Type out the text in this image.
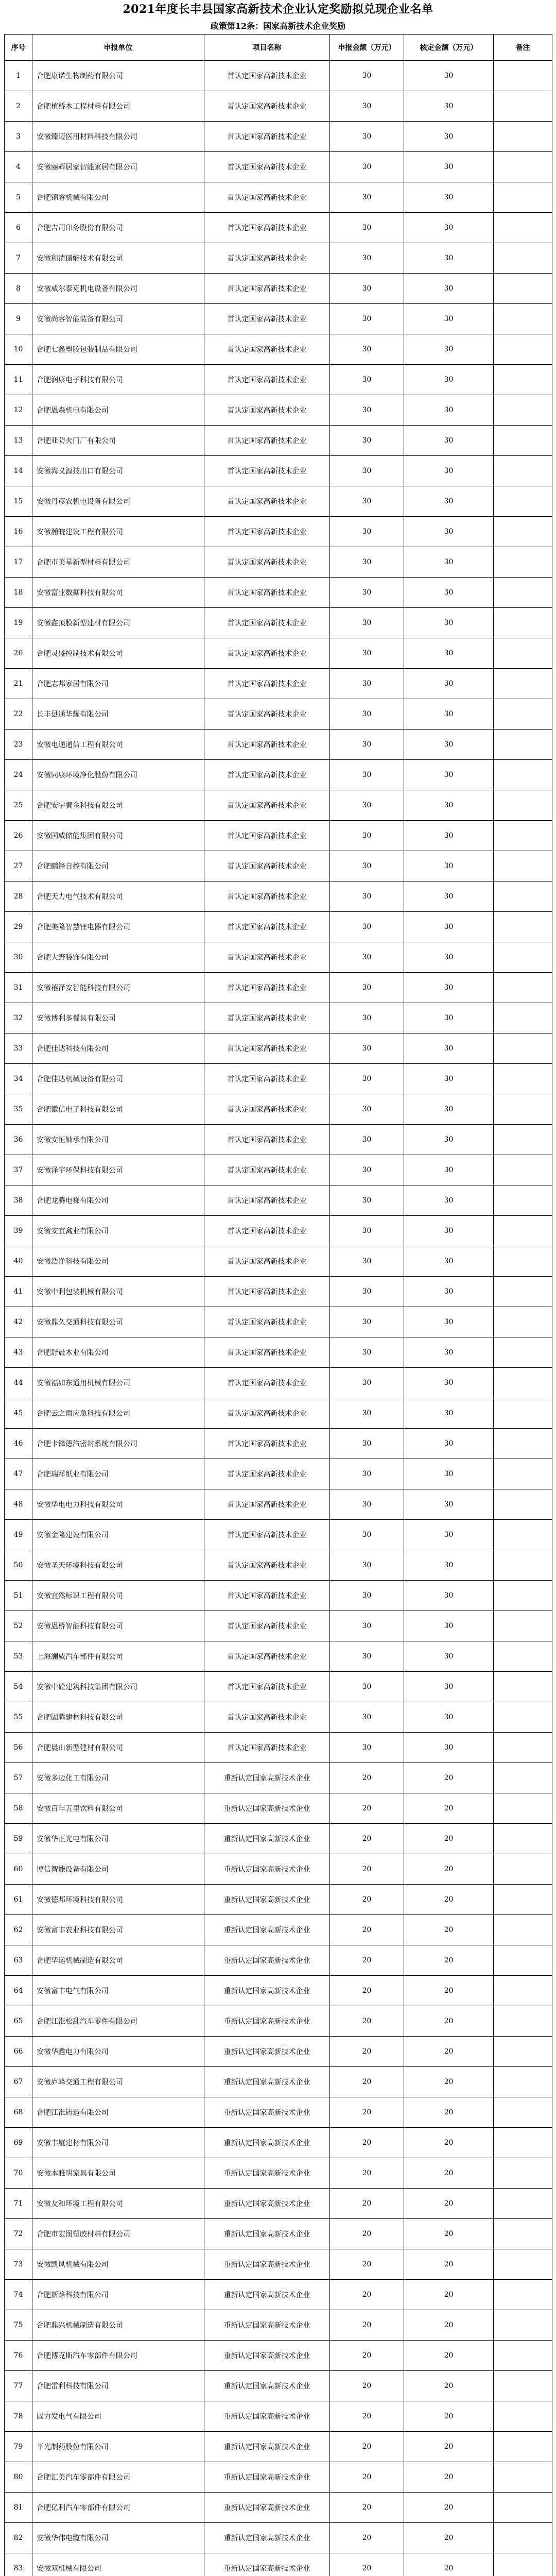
2021年度长丰县国家高新技术企业认定奖励拟兑现企业名单
政策第12条：国家高新技术企业奖励
序号	申报单位	项目名称	申报金额（万元）	核定金额（万元）	备注
1	合肥康诺生物制药有限公司	首认定国家高新技术企业	30	30	
2	合肥植桥木工程材料有限公司	首认定国家高新技术企业	30	30	
3	安徽臻迈医用材料科技有限公司	首认定国家高新技术企业	30	30	
4	安徽丽辉居家智能家居有限公司	首认定国家高新技术企业	30	30	
5	合肥锦睿机械有限公司	首认定国家高新技术企业	30	30	
6	合肥吉司印务股份有限公司	首认定国家高新技术企业	30	30	
7	安徽和清储能技术有限公司	首认定国家高新技术企业	30	30	
8	安徽威尔泰克机电设备有限公司	首认定国家高新技术企业	30	30	
9	安徽尚容智能装备有限公司	首认定国家高新技术企业	30	30	
10	合肥七鑫塑胶包装制品有限公司	首认定国家高新技术企业	30	30	
11	合肥润康电子科技有限公司	首认定国家高新技术企业	30	30	
12	合肥恩森机电有限公司	首认定国家高新技术企业	30	30	
13	合肥亚防火门厂有限公司	首认定国家高新技术企业	30	30	
14	安徽海义源技出口有限公司	首认定国家高新技术企业	30	30	
15	安徽丹彦农机电设备有限公司	首认定国家高新技术企业	30	30	
16	安徽瀚皖建设工程有限公司	首认定国家高新技术企业	30	30	
17	合肥市美星新型材料有限公司	首认定国家高新技术企业	30	30	
18	安徽富业数据科技有限公司	首认定国家高新技术企业	30	30	
19	安徽鑫顶膜新型建材有限公司	首认定国家高新技术企业	30	30	
20	合肥灵盛控制技术有限公司	首认定国家高新技术企业	30	30	
21	合肥志邦家居有限公司	首认定国家高新技术企业	30	30	
22	长丰县通华耀有限公司	首认定国家高新技术企业	30	30	
23	安徽电通通信工程有限公司	首认定国家高新技术企业	30	30	
24	安徽同康环境净化股份有限公司	首认定国家高新技术企业	30	30	
25	合肥安宇黄金科技有限公司	首认定国家高新技术企业	30	30	
26	安徽国威储能集团有限公司	首认定国家高新技术企业	30	30	
27	合肥鹏锋自控有限公司	首认定国家高新技术企业	30	30	
28	合肥天力电气技术有限公司	首认定国家高新技术企业	30	30	
29	合肥美隆智慧锂电器有限公司	首认定国家高新技术企业	30	30	
30	合肥大野装饰有限公司	首认定国家高新技术企业	30	30	
31	安徽禧泽安智能科技有限公司	首认定国家高新技术企业	30	30	
32	安徽博利多餐具有限公司	首认定国家高新技术企业	30	30	
33	合肥佳达科技有限公司	首认定国家高新技术企业	30	30	
34	合肥佳达机械设备有限公司	首认定国家高新技术企业	30	30	
35	合肥徽信电子科技有限公司	首认定国家高新技术企业	30	30	
36	安徽安恒轴承有限公司	首认定国家高新技术企业	30	30	
37	安徽泽宇环保科技有限公司	首认定国家高新技术企业	30	30	
38	合肥龙腾电梯有限公司	首认定国家高新技术企业	30	30	
39	安徽安宜禽业有限公司	首认定国家高新技术企业	30	30	
40	安徽浩净科技有限公司	首认定国家高新技术企业	30	30	
41	安徽中利包装机械有限公司	首认定国家高新技术企业	30	30	
42	安徽鼎久交通科技有限公司	首认定国家高新技术企业	30	30	
43	合肥舒晨木业有限公司	首认定国家高新技术企业	30	30	
44	安徽福如东通用机械有限公司	首认定国家高新技术企业	30	30	
45	合肥云之雨应急科技有限公司	首认定国家高新技术企业	30	30	
46	合肥卡锋德汽密封系统有限公司	首认定国家高新技术企业	30	30	
47	合肥瑞祥纸业有限公司	首认定国家高新技术企业	30	30	
48	安徽华电电力科技有限公司	首认定国家高新技术企业	30	30	
49	安徽金隆建设有限公司	首认定国家高新技术企业	30	30	
50	安徽圣天环境科技有限公司	首认定国家高新技术企业	30	30	
51	安徽宜然标识工程有限公司	首认定国家高新技术企业	30	30	
52	安徽恩桥智能科技有限公司	首认定国家高新技术企业	30	30	
53	上海澜威汽车部件有限公司	首认定国家高新技术企业	30	30	
54	安徽中砼建筑科技集团有限公司	首认定国家高新技术企业	30	30	
55	合肥固腾建材科技有限公司	首认定国家高新技术企业	30	30	
56	合肥晨山新型建材有限公司	首认定国家高新技术企业	30	30	
57	安徽多迈化工有限公司	重新认定国家高新技术企业	20	20	
58	安徽百年五里饮料有限公司	重新认定国家高新技术企业	20	20	
59	安徽华正光电有限公司	重新认定国家高新技术企业	20	20	
60	博信智能设备有限公司	重新认定国家高新技术企业	20	20	
61	安徽德邦环境科技有限公司	重新认定国家高新技术企业	20	20	
62	安徽富丰农业科技有限公司	重新认定国家高新技术企业	20	20	
63	合肥华运机械制造有限公司	重新认定国家高新技术企业	20	20	
64	安徽富丰电气有限公司	重新认定国家高新技术企业	20	20	
65	合肥江淮松乱汽车零件有限公司	重新认定国家高新技术企业	20	20	
66	安徽华鑫电力有限公司	重新认定国家高新技术企业	20	20	
67	安徽庐峰交通工程有限公司	重新认定国家高新技术企业	20	20	
68	合肥江淮铸造有限公司	重新认定国家高新技术企业	20	20	
69	安徽丰厦建材有限公司	重新认定国家高新技术企业	20	20	
70	安徽本雅明家具有限公司	重新认定国家高新技术企业	20	20	
71	安徽友和环境工程有限公司	重新认定国家高新技术企业	20	20	
72	合肥市宏图塑胶材料有限公司	重新认定国家高新技术企业	20	20	
73	安徽凯风机械有限公司	重新认定国家高新技术企业	20	20	
74	合肥新路科技有限公司	重新认定国家高新技术企业	20	20	
75	合肥鼎兴机械制造有限公司	重新认定国家高新技术企业	20	20	
76	合肥博克斯汽车零部件有限公司	重新认定国家高新技术企业	20	20	
77	合肥雷利科技有限公司	重新认定国家高新技术企业	20	20	
78	固力发电气有限公司	重新认定国家高新技术企业	20	20	
79	平光制药股份有限公司	重新认定国家高新技术企业	20	20	
80	合肥汇美汽车零部件有限公司	重新认定国家高新技术企业	20	20	
81	合肥亿利汽车零部件有限公司	重新认定国家高新技术企业	20	20	
82	安徽华伟电缆有限公司	重新认定国家高新技术企业	20	20	
83	安徽双机械有限公司	重新认定国家高新技术企业	20	20	
